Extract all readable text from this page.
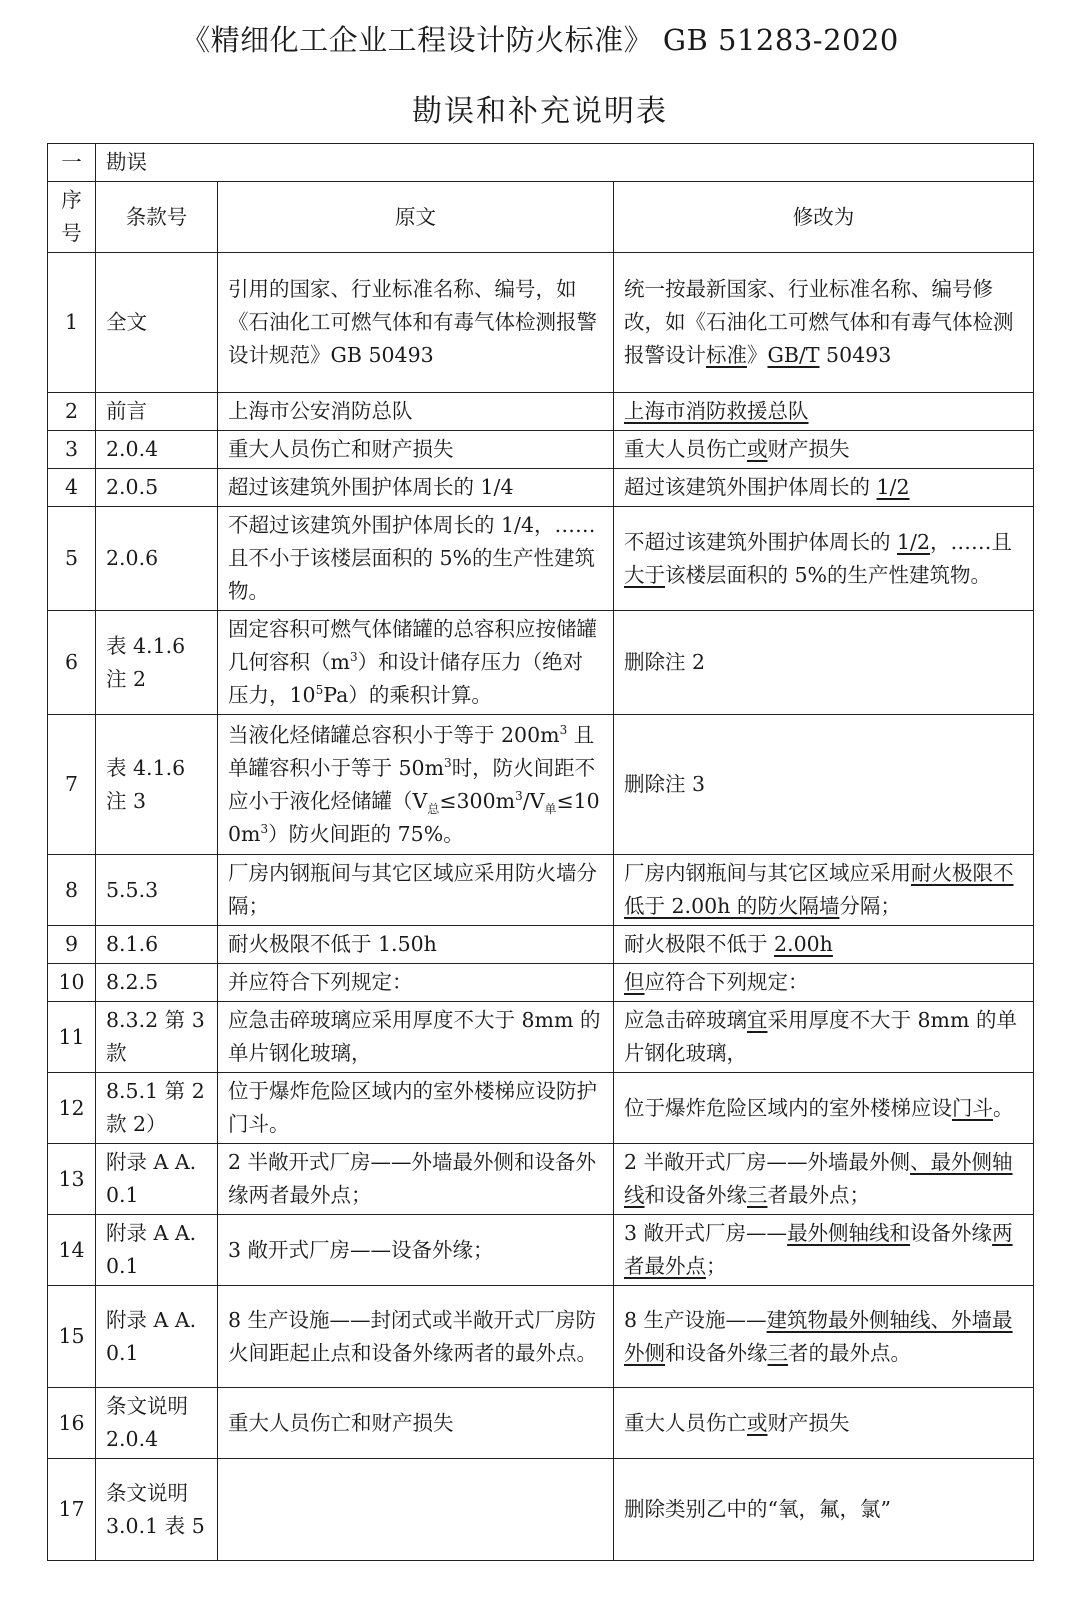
《精细化工企业工程设计防火标准》 GB 51283-2020
勘误和补充说明表
一	勘误		
序号	条款号	原文	修改为
1	全文	引用的国家、行业标准名称、编号，如《石油化工可燃气体和有毒气体检测报警设计规范》GB 50493	统一按最新国家、行业标准名称、编号修改，如《石油化工可燃气体和有毒气体检测报警设计标准》GB/T 50493
2	前言	上海市公安消防总队	上海市消防救援总队
3	2.0.4	重大人员伤亡和财产损失	重大人员伤亡或财产损失
4	2.0.5	超过该建筑外围护体周长的 1/4	超过该建筑外围护体周长的 1/2
5	2.0.6	不超过该建筑外围护体周长的 1/4，……且不小于该楼层面积的 5%的生产性建筑物。	不超过该建筑外围护体周长的 1/2，……且大于该楼层面积的 5%的生产性建筑物。
6	表 4.1.6 注 2	固定容积可燃气体储罐的总容积应按储罐几何容积$(m^3)$和设计储存压力（绝对压力，$10^5Pa$）的乘积计算。	删除注 2
7	表 4.1.6 注 3	当液化烃储罐总容积小于等于 $200m^3$ 且单罐容积小于等于 $50m^3$时，防火间距不应小于液化烃储罐$(V_总\le 300m^3/V_单\le 100m^3)$防火间距的 75%。	删除注 3
8	5.5.3	厂房内钢瓶间与其它区域应采用防火墙分隔；	厂房内钢瓶间与其它区域应采用耐火极限不低于 2.00h 的防火隔墙分隔；
9	8.1.6	耐火极限不低于 1.50h	耐火极限不低于 2.00h
10	8.2.5	并应符合下列规定：	但应符合下列规定：
11	8.3.2 第 3 款	应急击碎玻璃应采用厚度不大于 8mm 的单片钢化玻璃，	应急击碎玻璃宜采用厚度不大于 8mm 的单片钢化玻璃，
12	8.5.1 第 2 款 2）	位于爆炸危险区域内的室外楼梯应设防护门斗。	位于爆炸危险区域内的室外楼梯应设门斗。
13	附录 A A.0.1	2 半敞开式厂房——外墙最外侧和设备外缘两者最外点；	2 半敞开式厂房——外墙最外侧、最外侧轴线和设备外缘三者最外点；
14	附录 A A.0.1	3 敞开式厂房——设备外缘；	3 敞开式厂房——最外侧轴线和设备外缘两者最外点；
15	附录 A A.0.1	8 生产设施——封闭式或半敞开式厂房防火间距起止点和设备外缘两者的最外点。	8 生产设施——建筑物最外侧轴线、外墙最外侧和设备外缘三者的最外点。
16	条文说明 2.0.4	重大人员伤亡和财产损失	重大人员伤亡或财产损失
17	条文说明 3.0.1 表 5		删除类别乙中的“氧，氟，氯”
